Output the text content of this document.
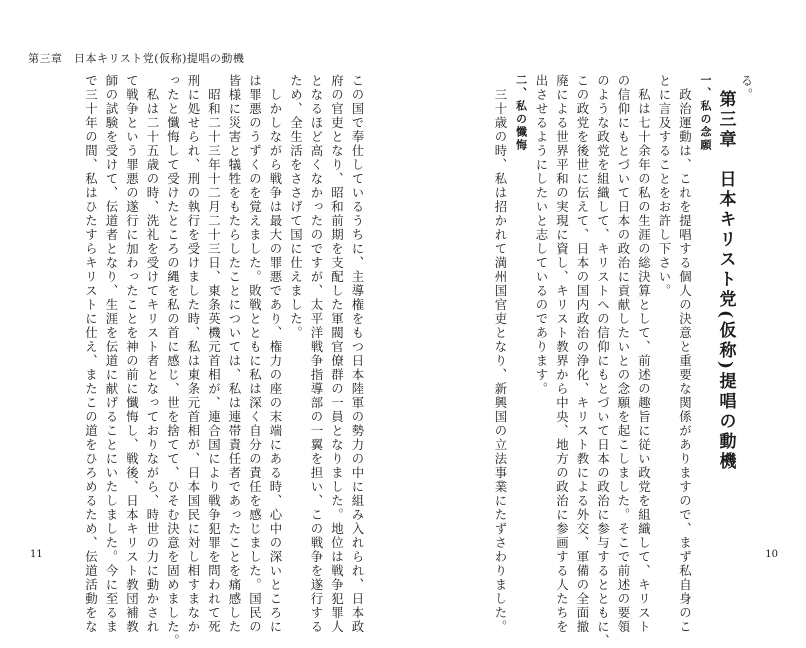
第三章　日本キリスト党(仮称)提唱の動機
この国で奉仕しているうちに、主導権をもつ日本陸軍の勢力の中に組み入れられ、日本政
府の官吏となり、昭和前期を支配した軍閥官僚群の一員となりました。地位は戦争犯罪人
となるほど高くなかったのですが、太平洋戦争指導部の一翼を担い、この戦争を遂行する
ため、全生活をささげて国に仕えました。
　しかしながら戦争は最大の罪悪であり、権力の座の末端にある時、心中の深いところに
は罪悪のうずくのを覚えました。敗戦とともに私は深く自分の責任を感じました。国民の
皆様に災害と犠牲をもたらしたことについては、私は連帯責任者であったことを痛感した
　昭和二十三年十二月二十三日、東条英機元首相が、連合国により戦争犯罪を問われて死
刑に処せられ、刑の執行を受けました時、私は東条元首相が、日本国民に対し相すまなか
ったと懺悔して受けたところの縄を私の首に感じ、世を捨てて、ひそむ決意を固めました。
　私は二十五歳の時、洗礼を受けてキリスト者となっておりながら、時世の力に動かされ
て戦争という罪悪の遂行に加わったことを神の前に懺悔し、戦後、日本キリスト教団補教
師の試験を受けて、伝道者となり、生涯を伝道に献げることにいたしました。今に至るま
で三十年の間、私はひたすらキリストに仕え、またこの道をひろめるため、伝道活動をな
11
る。
第三章　日本キリスト党(仮称)提唱の動機
一、私の念願
　政治運動は、これを提唱する個人の決意と重要な関係がありますので、まず私自身のこ
とに言及することをお許し下さい。
　私は七十余年の私の生涯の総決算として、前述の趣旨に従い政党を組織して、キリスト
の信仰にもとづいて日本の政治に貢献したいとの念願を起こしました。そこで前述の要領
のような政党を組織して、キリストへの信仰にもとづいて日本の政治に参与するとともに、
この政党を後世に伝えて、日本の国内政治の浄化、キリスト教による外交、軍備の全面撤
廃による世界平和の実現に資し、キリスト教界から中央、地方の政治に参画する人たちを
出させるようにしたいと志しているのであります。
二、私の懺悔
　三十歳の時、私は招かれて満州国官吏となり、新興国の立法事業にたずさわりました。	10
